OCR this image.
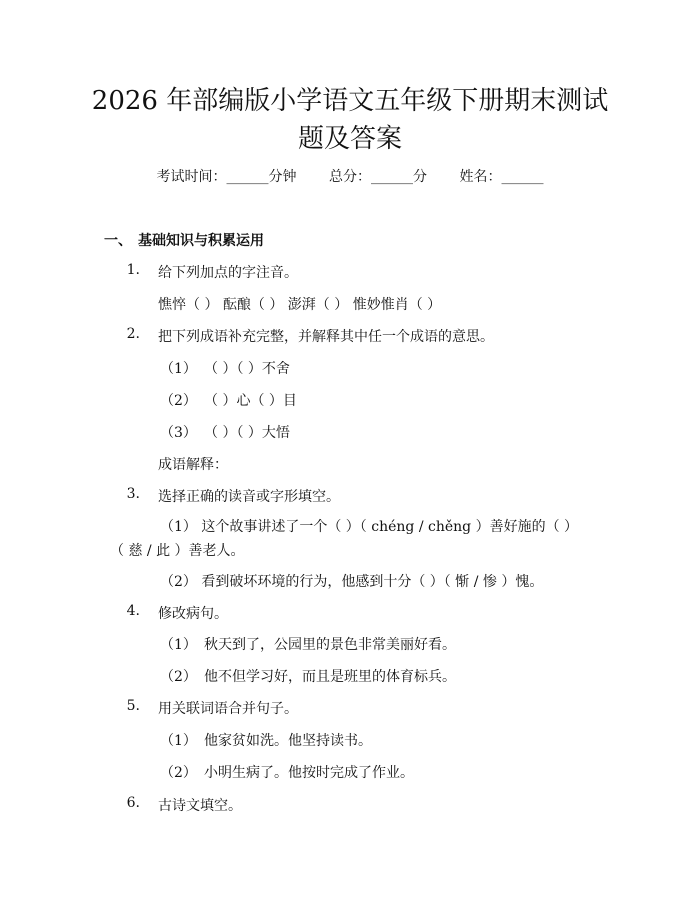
2026 年部编版小学语文五年级下册期末测试
题及答案
考试时间：______分钟 总分：______分 姓名：______
一、 基础知识与积累运用
1. 给下列加点的字注音。
憔悴（ ） 酝酿（ ） 澎湃（ ） 惟妙惟肖（ ）
2. 把下列成语补充完整，并解释其中任一个成语的意思。
（1） （ ）（ ）不舍
（2） （ ）心（ ）目
（3） （ ）（ ）大悟
成语解释：
3. 选择正确的读音或字形填空。
（1） 这个故事讲述了一个（ ）（ chéng / chěng ）善好施的（ ）
（ 慈 / 此 ）善老人。
（2） 看到破坏环境的行为，他感到十分（ ）（ 惭 / 惨 ）愧。
4. 修改病句。
（1） 秋天到了，公园里的景色非常美丽好看。
（2） 他不但学习好，而且是班里的体育标兵。
5. 用关联词语合并句子。
（1） 他家贫如洗。他坚持读书。
（2） 小明生病了。他按时完成了作业。
6. 古诗文填空。
